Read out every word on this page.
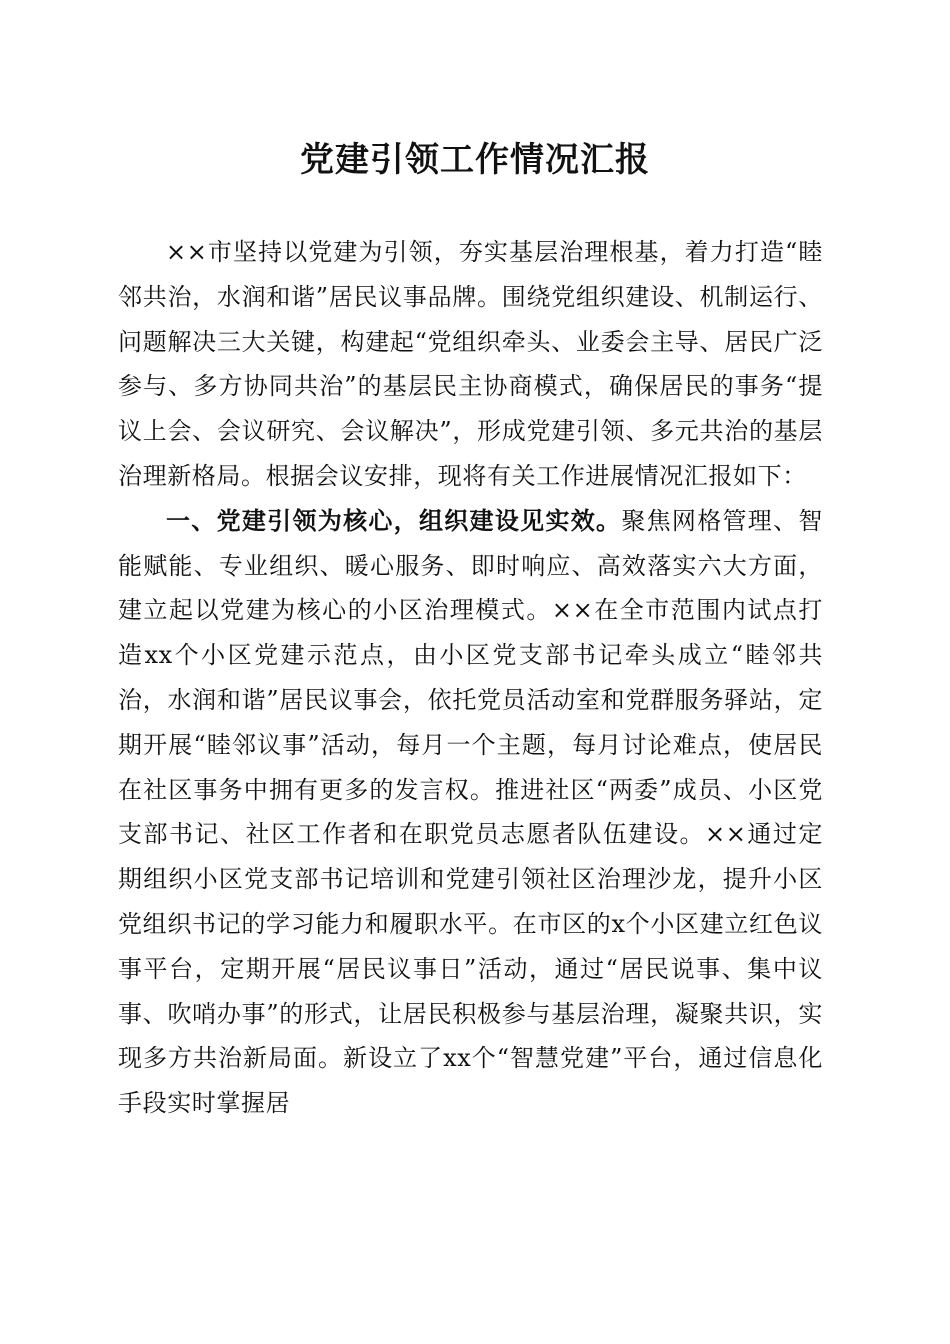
党建引领工作情况汇报

××市坚持以党建为引领，夯实基层治理根基，着力打造“睦邻共治，水润和谐”居民议事品牌。围绕党组织建设、机制运行、问题解决三大关键，构建起“党组织牵头、业委会主导、居民广泛参与、多方协同共治”的基层民主协商模式，确保居民的事务“提议上会、会议研究、会议解决”，形成党建引领、多元共治的基层治理新格局。根据会议安排，现将有关工作进展情况汇报如下：

一、党建引领为核心，组织建设见实效。聚焦网格管理、智能赋能、专业组织、暖心服务、即时响应、高效落实六大方面，建立起以党建为核心的小区治理模式。××在全市范围内试点打造xx个小区党建示范点，由小区党支部书记牵头成立“睦邻共治，水润和谐”居民议事会，依托党员活动室和党群服务驿站，定期开展“睦邻议事”活动，每月一个主题，每月讨论难点，使居民在社区事务中拥有更多的发言权。推进社区“两委”成员、小区党支部书记、社区工作者和在职党员志愿者队伍建设。××通过定期组织小区党支部书记培训和党建引领社区治理沙龙，提升小区党组织书记的学习能力和履职水平。在市区的x个小区建立红色议事平台，定期开展“居民议事日”活动，通过“居民说事、集中议事、吹哨办事”的形式，让居民积极参与基层治理，凝聚共识，实现多方共治新局面。新设立了xx个“智慧党建”平台，通过信息化手段实时掌握居
